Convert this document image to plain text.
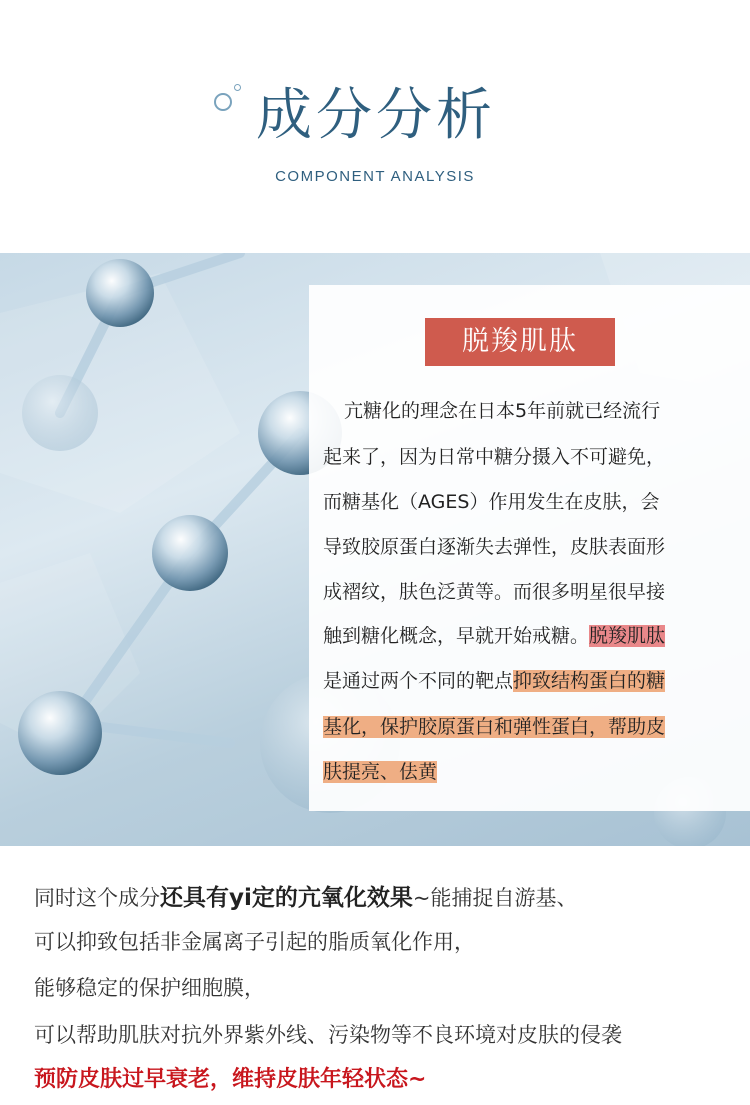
成分分析
COMPONENT ANALYSIS
脱羧肌肽
亢糖化的理念在日本5年前就已经流行
起来了，因为日常中糖分摄入不可避免，
而糖基化（AGES）作用发生在皮肤，会
导致胶原蛋白逐渐失去弹性，皮肤表面形
成褶纹，肤色泛黄等。而很多明星很早接
触到糖化概念，早就开始戒糖。脱羧肌肽
是通过两个不同的靶点抑致结构蛋白的糖
基化，保护胶原蛋白和弹性蛋白，帮助皮
肤提亮、佉黄
同时这个成分还具有yi定的亢氧化效果~能捕捉自游基、
可以抑致包括非金属离子引起的脂质氧化作用，
能够稳定的保护细胞膜，
可以帮助肌肤对抗外界紫外线、污染物等不良环境对皮肤的侵袭
预防皮肤过早衰老，维持皮肤年轻状态~
